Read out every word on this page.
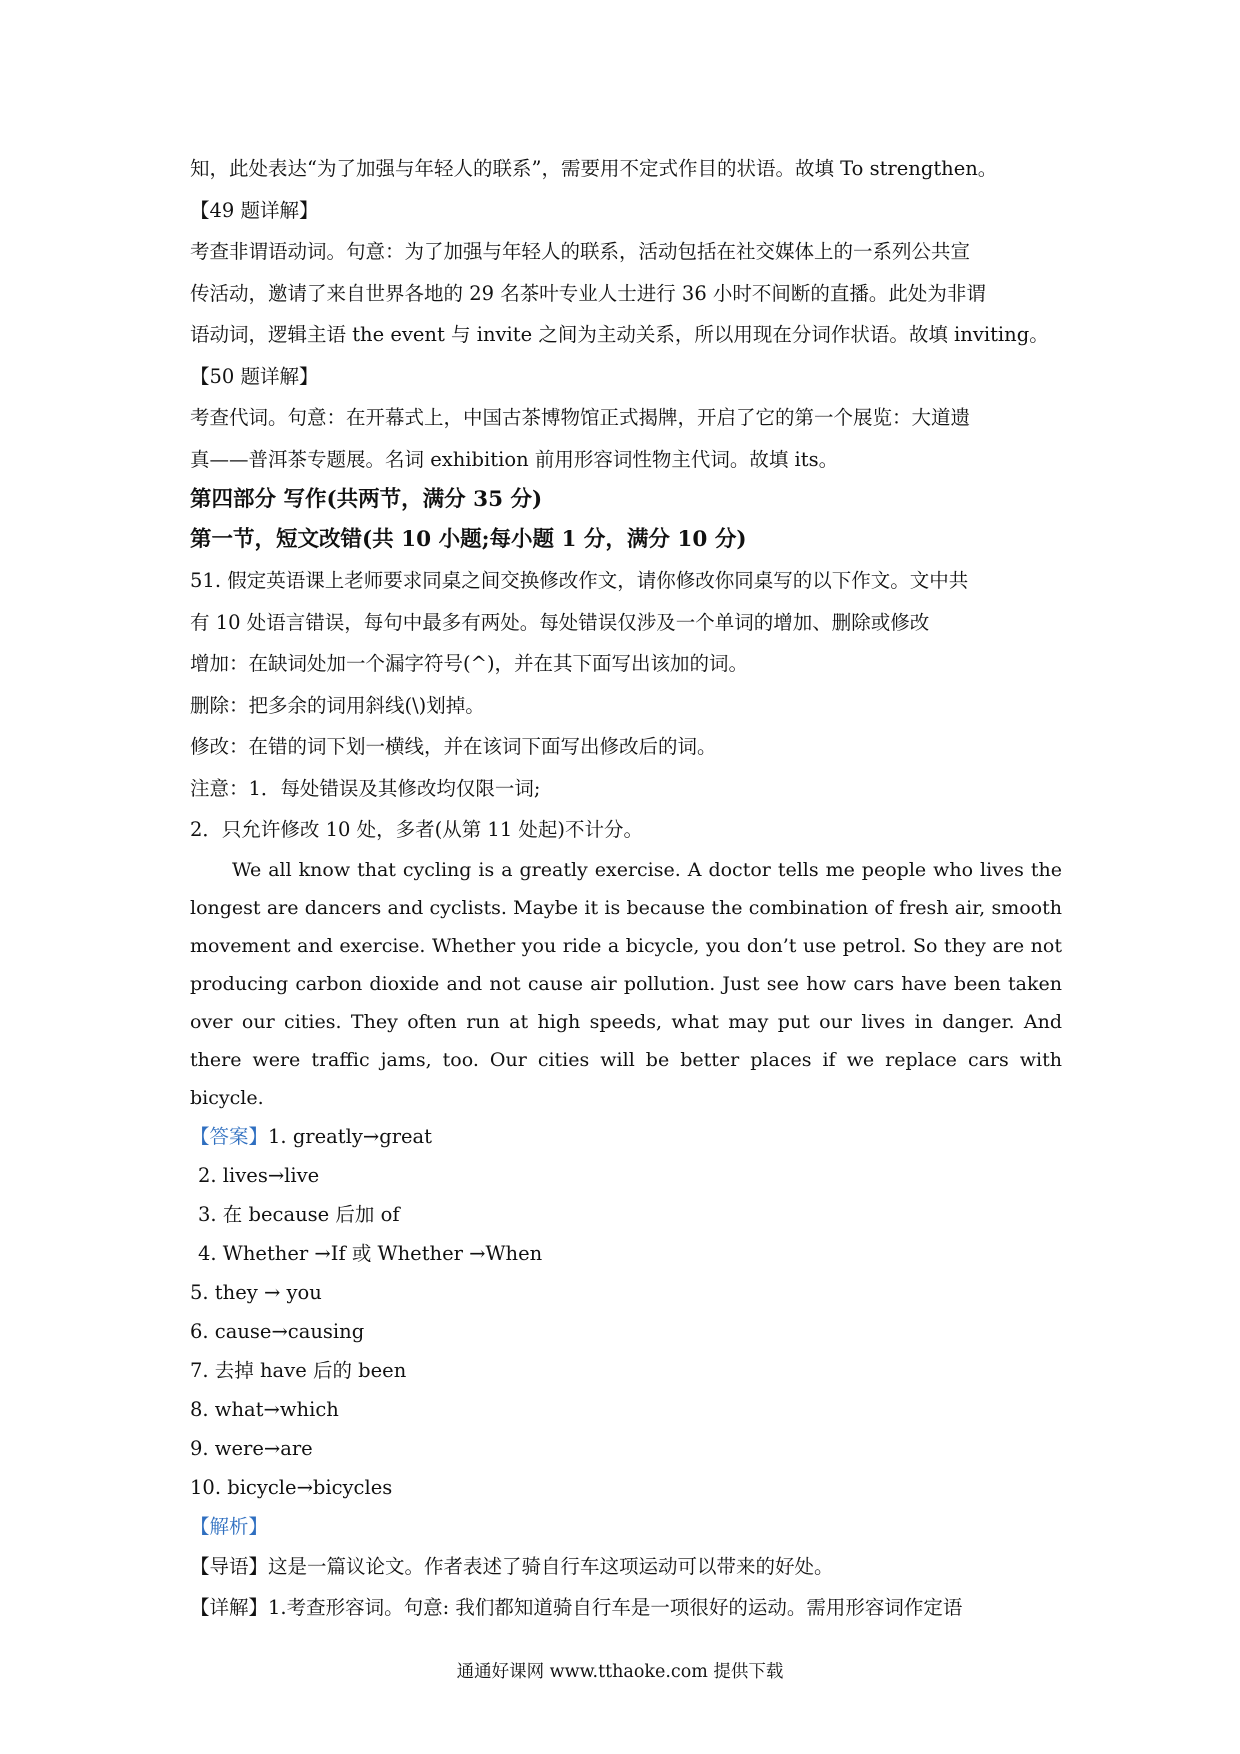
知，此处表达“为了加强与年轻人的联系”，需要用不定式作目的状语。故填 To strengthen。
【49 题详解】
考查非谓语动词。句意：为了加强与年轻人的联系，活动包括在社交媒体上的一系列公共宣
传活动，邀请了来自世界各地的 29 名茶叶专业人士进行 36 小时不间断的直播。此处为非谓
语动词，逻辑主语 the event 与 invite 之间为主动关系，所以用现在分词作状语。故填 inviting。
【50 题详解】
考查代词。句意：在开幕式上，中国古茶博物馆正式揭牌，开启了它的第一个展览：大道遗
真——普洱茶专题展。名词 exhibition 前用形容词性物主代词。故填 its。
第四部分 写作(共两节，满分 35 分)
第一节，短文改错(共 10 小题;每小题 1 分，满分 10 分)
51. 假定英语课上老师要求同桌之间交换修改作文，请你修改你同桌写的以下作文。文中共
有 10 处语言错误，每句中最多有两处。每处错误仅涉及一个单词的增加、删除或修改
增加：在缺词处加一个漏字符号(^)，并在其下面写出该加的词。
删除：把多余的词用斜线(\)划掉。
修改：在错的词下划一横线，并在该词下面写出修改后的词。
注意：1．每处错误及其修改均仅限一词;
2．只允许修改 10 处，多者(从第 11 处起)不计分。
We all know that cycling is a greatly exercise. A doctor tells me people who lives the longest are dancers and cyclists. Maybe it is because the combination of fresh air, smooth movement and exercise. Whether you ride a bicycle, you don’t use petrol. So they are not producing carbon dioxide and not cause air pollution. Just see how cars have been taken over our cities. They often run at high speeds, what may put our lives in danger. And there were traffic jams, too. Our cities will be better places if we replace cars with bicycle.
【答案】1. greatly→great
2. lives→live
3. 在 because 后加 of
4. Whether →If 或 Whether →When
5. they → you
6. cause→causing
7. 去掉 have 后的 been
8. what→which
9. were→are
10. bicycle→bicycles
【解析】
【导语】这是一篇议论文。作者表述了骑自行车这项运动可以带来的好处。
【详解】1.考查形容词。句意: 我们都知道骑自行车是一项很好的运动。需用形容词作定语
通通好课网 www.tthaoke.com 提供下载
